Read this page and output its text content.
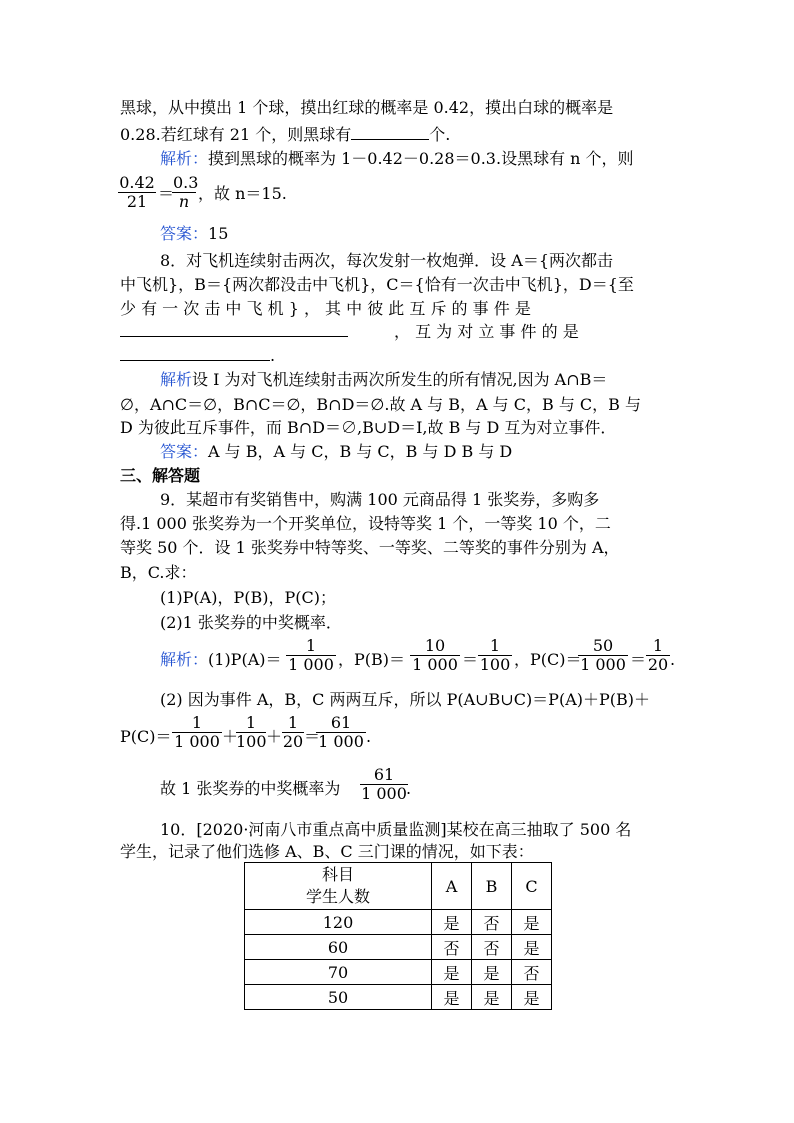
黑球，从中摸出 1 个球，摸出红球的概率是 0.42，摸出白球的概率是
0.28.若红球有 21 个，则黑球有	个.
解析：摸到黑球的概率为 1－0.42－0.28＝0.3.设黑球有 n 个，则
0.42
21 ＝
0.3
n ，故 n＝15.
答案：15
8．对飞机连续射击两次，每次发射一枚炮弹．设 A＝{两次都击
中飞机}，B＝{两次都没击中飞机}，C＝{恰有一次击中飞机}，D＝{至
少 有 一 次 击 中 飞 机 } ， 其 中 彼 此 互 斥 的 事 件 是
， 互 为 对 立 事 件 的 是
.
解析设 I 为对飞机连续射击两次所发生的所有情况,因为 A∩B＝
∅，A∩C＝∅，B∩C＝∅，B∩D＝∅.故 A 与 B，A 与 C，B 与 C，B 与
D 为彼此互斥事件，而 B∩D＝∅,B∪D＝I,故 B 与 D 互为对立事件．
答案：A 与 B，A 与 C，B 与 C，B 与 D B 与 D
三、解答题
9．某超市有奖销售中，购满 100 元商品得 1 张奖券，多购多
得.1 000 张奖券为一个开奖单位，设特等奖 1 个，一等奖 10 个，二
等奖 50 个．设 1 张奖券中特等奖、一等奖、二等奖的事件分别为 A，
B，C.求：
(1)P(A)，P(B)，P(C)；
(2)1 张奖券的中奖概率．
解析：(1)P(A)＝
1
1 000 ，P(B)＝
10
1 000 ＝
1
100 ，P(C)＝
50
1 000 ＝
1
20 .
(2) 因为事件 A，B，C 两两互斥，所以 P(A∪B∪C)＝P(A)＋P(B)＋
P(C)＝
1
1 000 ＋
1
100 ＋
1
20 ＝
61
1 000 .
故 1 张奖券的中奖概率为
61
1 000 .
10．[2020·河南八市重点高中质量监测]某校在高三抽取了 500 名
学生，记录了他们选修 A、B、C 三门课的情况，如下表：
科目
学生人数	A	B	C
120	是	否	是
60	否	否	是
70	是	是	否
50	是	是	是
